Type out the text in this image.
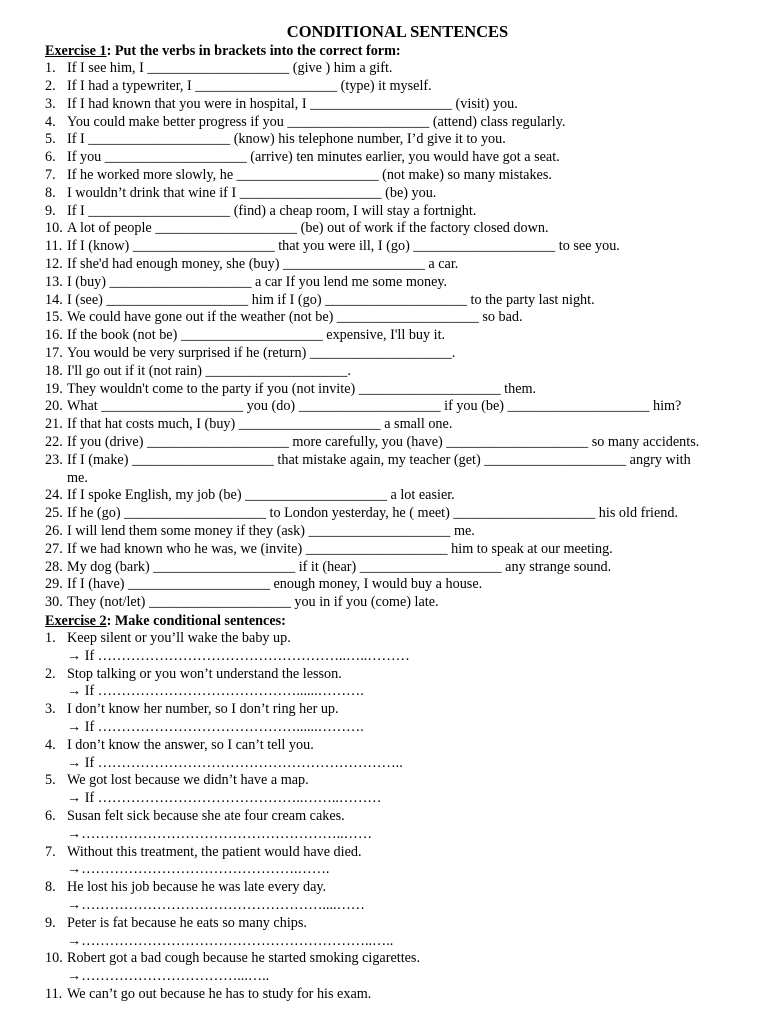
CONDITIONAL SENTENCES
Exercise 1: Put the verbs in brackets into the correct form:
1. If I see him, I ____________________ (give ) him a gift.
2. If I had a typewriter, I ____________________ (type) it myself.
3. If I had known that you were in hospital, I ____________________ (visit) you.
4. You could make better progress if you ____________________ (attend) class regularly.
5. If I ____________________ (know) his telephone number, I’d give it to you.
6. If you ____________________ (arrive) ten minutes earlier, you would have got a seat.
7. If he worked more slowly, he ____________________ (not make) so many mistakes.
8. I wouldn’t drink that wine if I ____________________ (be) you.
9. If I ____________________ (find) a cheap room, I will stay a fortnight.
10. A lot of people ____________________ (be) out of work if the factory closed down.
11. If I (know) ____________________ that you were ill, I (go) ____________________ to see you.
12. If she'd had enough money, she (buy) ____________________ a car.
13. I (buy) ____________________ a car If you lend me some money.
14. I (see) ____________________ him if I (go) ____________________ to the party last night.
15. We could have gone out if the weather (not be) ____________________ so bad.
16. If the book (not be) ____________________ expensive, I'll buy it.
17. You would be very surprised if he (return) ____________________.
18. I'll go out if it (not rain) ____________________.
19. They wouldn't come to the party if you (not invite) ____________________ them.
20. What ____________________ you (do) ____________________ if you (be) ____________________ him?
21. If that hat costs much, I (buy) ____________________ a small one.
22. If you (drive) ____________________ more carefully, you (have) ____________________ so many accidents.
23. If I (make) ____________________ that mistake again, my teacher (get) ____________________ angry with
me.
24. If I spoke English, my job (be) ____________________ a lot easier.
25. If he (go) ____________________ to London yesterday, he ( meet) ____________________ his old friend.
26. I will lend them some money if they (ask) ____________________ me.
27. If we had known who he was, we (invite) ____________________ him to speak at our meeting.
28. My dog (bark) ____________________ if it (hear) ____________________ any strange sound.
29. If I (have) ____________________ enough money, I would buy a house.
30. They (not/let) ____________________ you in if you (come) late.
Exercise 2: Make conditional sentences:
1. Keep silent or you’ll wake the baby up.
→ If ……………………………………………..…..………
2. Stop talking or you won’t understand the lesson.
→ If ……………………………………......……….
3. I don’t know her number, so I don’t ring her up.
→ If ……………………………………......……….
4. I don’t know the answer, so I can’t tell you.
→ If ………………………………………………………..
5. We got lost because we didn’t have a map.
→ If ……………………………………..……..………
6. Susan felt sick because she ate four cream cakes.
→………………………………………………..……
7. Without this treatment, the patient would have died.
→……………………………………….…….
8. He lost his job because he was late every day.
→……………………………………………....……
9. Peter is fat because he eats so many chips.
→……………………………………………………..…..
10. Robert got a bad cough because he started smoking cigarettes.
→……………………………...…..
11. We can’t go out because he has to study for his exam.
